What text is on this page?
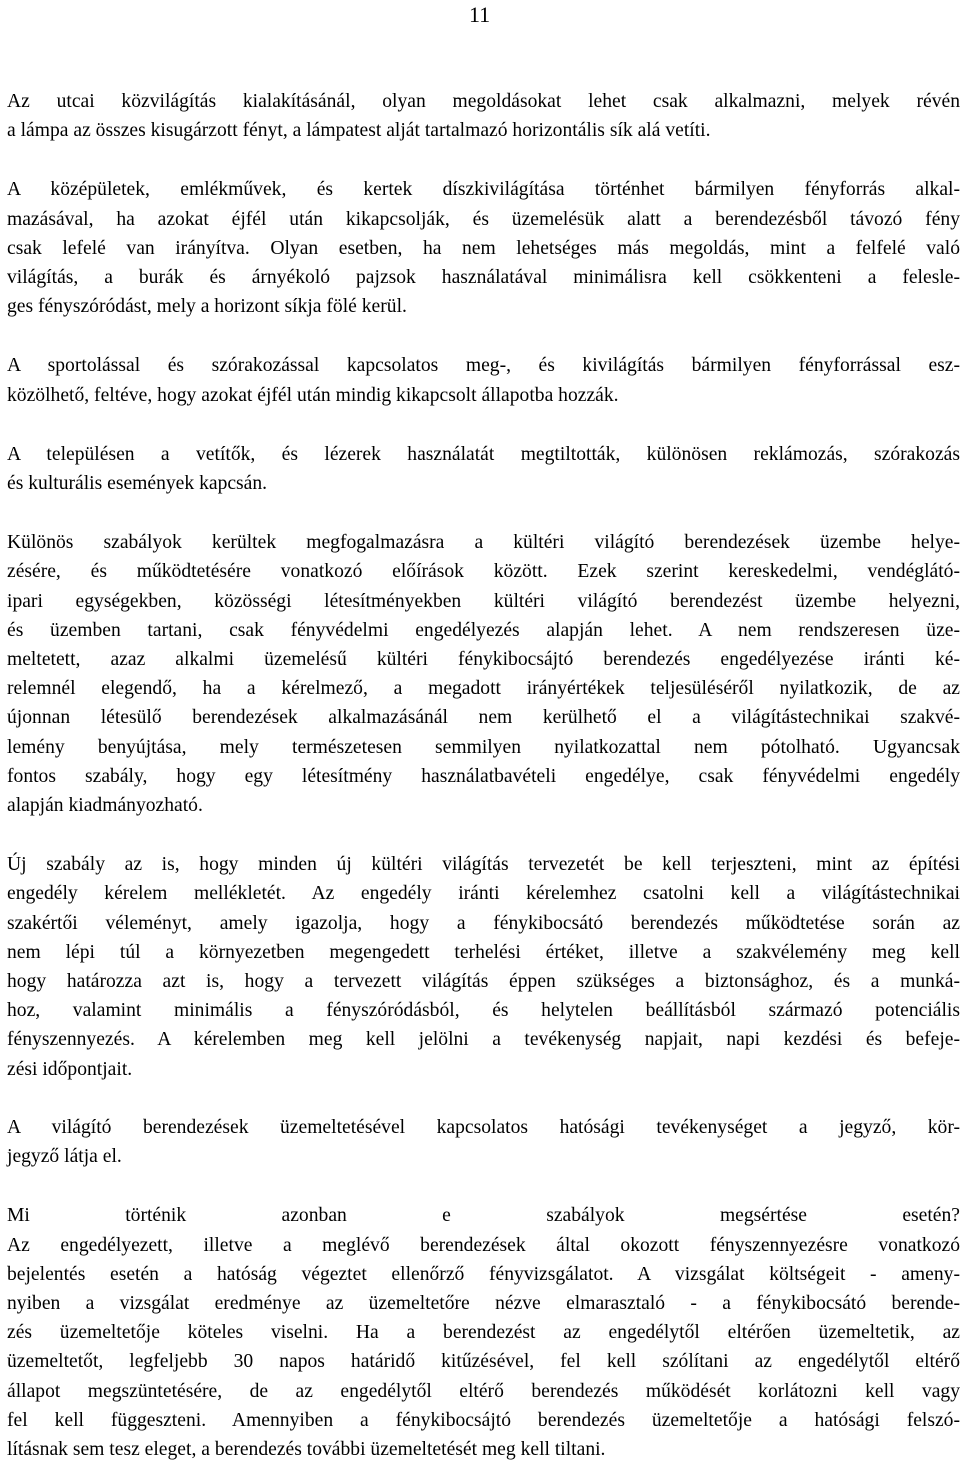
11
Az utcai közvilágítás kialakításánál, olyan megoldásokat lehet csak alkalmazni, melyek révén
a lámpa az összes kisugárzott fényt, a lámpatest alját tartalmazó horizontális sík alá vetíti.
A középületek, emlékművek, és kertek díszkivilágítása történhet bármilyen fényforrás alkal-
mazásával, ha azokat éjfél után kikapcsolják, és üzemelésük alatt a berendezésből távozó fény
csak lefelé van irányítva. Olyan esetben, ha nem lehetséges más megoldás, mint a felfelé való
világítás, a burák és árnyékoló pajzsok használatával minimálisra kell csökkenteni a felesle-
ges fényszóródást, mely a horizont síkja fölé kerül.
A sportolással és szórakozással kapcsolatos meg-, és kivilágítás bármilyen fényforrással esz-
közölhető, feltéve, hogy azokat éjfél után mindig kikapcsolt állapotba hozzák.
A településen a vetítők, és lézerek használatát megtiltották, különösen reklámozás, szórakozás
és kulturális események kapcsán.
Különös szabályok kerültek megfogalmazásra a kültéri világító berendezések üzembe helye-
zésére, és működtetésére vonatkozó előírások között. Ezek szerint kereskedelmi, vendéglátó-
ipari egységekben, közösségi létesítményekben kültéri világító berendezést üzembe helyezni,
és üzemben tartani, csak fényvédelmi engedélyezés alapján lehet. A nem rendszeresen üze-
meltetett, azaz alkalmi üzemelésű kültéri fénykibocsájtó berendezés engedélyezése iránti ké-
relemnél elegendő, ha a kérelmező, a megadott irányértékek teljesüléséről nyilatkozik, de az
újonnan létesülő berendezések alkalmazásánál nem kerülhető el a világítástechnikai szakvé-
lemény benyújtása, mely természetesen semmilyen nyilatkozattal nem pótolható. Ugyancsak
fontos szabály, hogy egy létesítmény használatbavételi engedélye, csak fényvédelmi engedély
alapján kiadmányozható.
Új szabály az is, hogy minden új kültéri világítás tervezetét be kell terjeszteni, mint az építési
engedély kérelem mellékletét. Az engedély iránti kérelemhez csatolni kell a világítástechnikai
szakértői véleményt, amely igazolja, hogy a fénykibocsátó berendezés működtetése során az
nem lépi túl a környezetben megengedett terhelési értéket, illetve a szakvélemény meg kell
hogy határozza azt is, hogy a tervezett világítás éppen szükséges a biztonsághoz, és a munká-
hoz, valamint minimális a fényszóródásból, és helytelen beállításból származó potenciális
fényszennyezés. A kérelemben meg kell jelölni a tevékenység napjait, napi kezdési és befeje-
zési időpontjait.
A világító berendezések üzemeltetésével kapcsolatos hatósági tevékenységet a jegyző, kör-
jegyző látja el.
Mi történik azonban e szabályok megsértése esetén?
Az engedélyezett, illetve a meglévő berendezések által okozott fényszennyezésre vonatkozó
bejelentés esetén a hatóság végeztet ellenőrző fényvizsgálatot. A vizsgálat költségeit - ameny-
nyiben a vizsgálat eredménye az üzemeltetőre nézve elmarasztaló - a fénykibocsátó berende-
zés üzemeltetője köteles viselni. Ha a berendezést az engedélytől eltérően üzemeltetik, az
üzemeltetőt, legfeljebb 30 napos határidő kitűzésével, fel kell szólítani az engedélytől eltérő
állapot megszüntetésére, de az engedélytől eltérő berendezés működését korlátozni kell vagy
fel kell függeszteni. Amennyiben a fénykibocsájtó berendezés üzemeltetője a hatósági felszó-
lításnak sem tesz eleget, a berendezés további üzemeltetését meg kell tiltani.
